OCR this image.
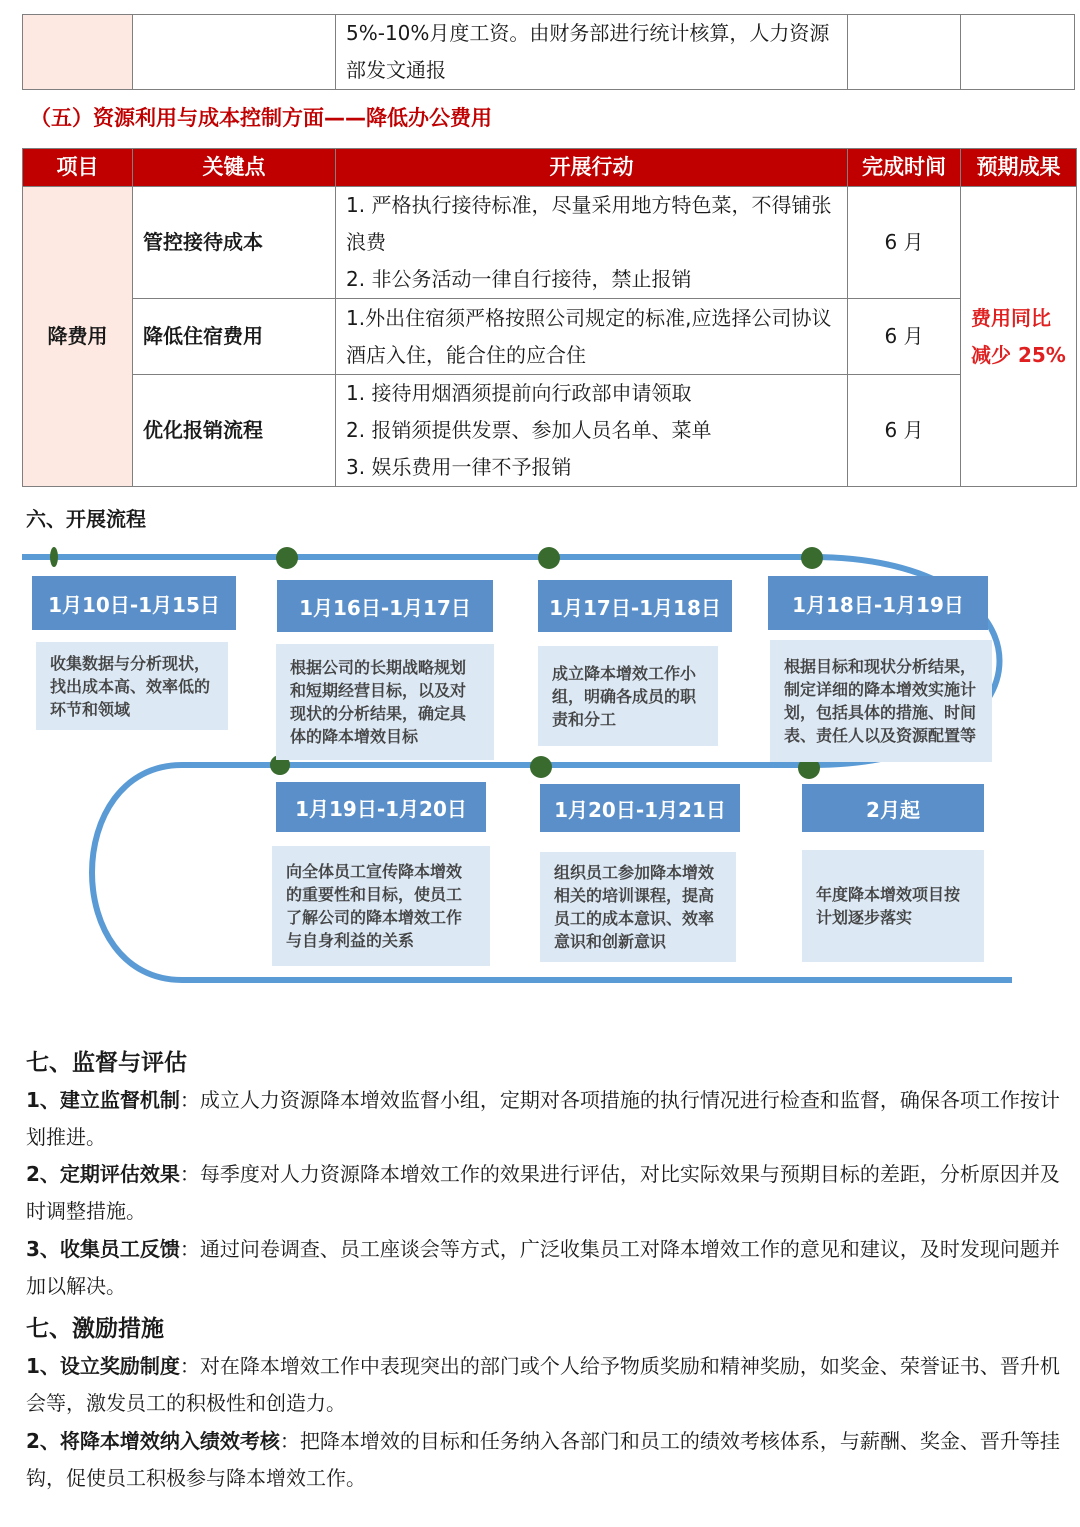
		5%-10%月度工资。由财务部进行统计核算，人力资源部发文通报		
（五）资源利用与成本控制方面——降低办公费用
项目	关键点	开展行动	完成时间	预期成果
降费用	管控接待成本	1. 严格执行接待标准，尽量采用地方特色菜，不得铺张浪费
2. 非公务活动一律自行接待，禁止报销	6 月	费用同比减少 25%
	降低住宿费用	1.外出住宿须严格按照公司规定的标准,应选择公司协议酒店入住，能合住的应合住	6 月	
	优化报销流程	1. 接待用烟酒须提前向行政部申请领取
2. 报销须提供发票、参加人员名单、菜单
3. 娱乐费用一律不予报销	6 月	
六、开展流程
1月10日-1月15日
收集数据与分析现状，找出成本高、效率低的环节和领域
1月16日-1月17日
根据公司的长期战略规划和短期经营目标，以及对现状的分析结果，确定具体的降本增效目标
1月17日-1月18日
成立降本增效工作小组，明确各成员的职责和分工
1月18日-1月19日
根据目标和现状分析结果，制定详细的降本增效实施计划，包括具体的措施、时间表、责任人以及资源配置等
1月19日-1月20日
向全体员工宣传降本增效的重要性和目标，使员工了解公司的降本增效工作与自身利益的关系
1月20日-1月21日
组织员工参加降本增效相关的培训课程，提高员工的成本意识、效率意识和创新意识
2月起
年度降本增效项目按计划逐步落实
七、监督与评估
1、建立监督机制：成立人力资源降本增效监督小组，定期对各项措施的执行情况进行检查和监督，确保各项工作按计划推进。
2、定期评估效果：每季度对人力资源降本增效工作的效果进行评估，对比实际效果与预期目标的差距，分析原因并及时调整措施。
3、收集员工反馈：通过问卷调查、员工座谈会等方式，广泛收集员工对降本增效工作的意见和建议，及时发现问题并加以解决。
七、激励措施
1、设立奖励制度：对在降本增效工作中表现突出的部门或个人给予物质奖励和精神奖励，如奖金、荣誉证书、晋升机会等，激发员工的积极性和创造力。
2、将降本增效纳入绩效考核：把降本增效的目标和任务纳入各部门和员工的绩效考核体系，与薪酬、奖金、晋升等挂钩，促使员工积极参与降本增效工作。
